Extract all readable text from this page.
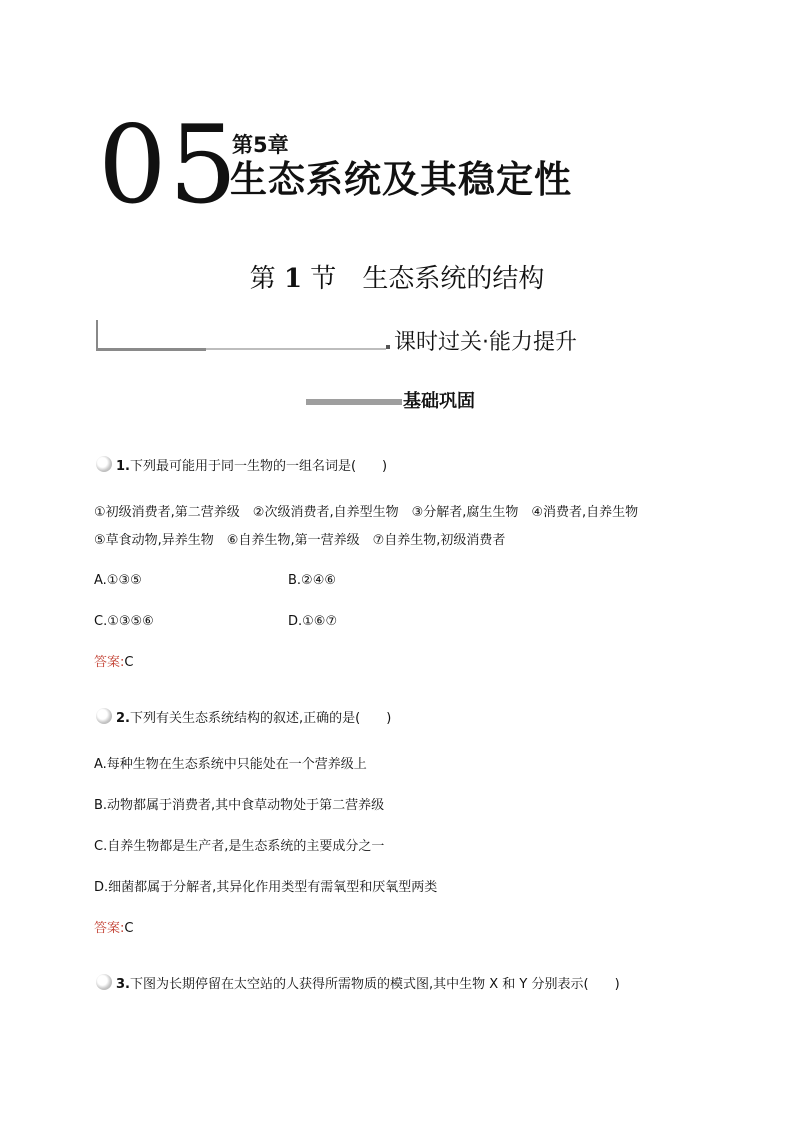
05
第5章
生态系统及其稳定性
第 1 节　 生态系统的结构
课时过关·能力提升
基础巩固
1.下列最可能用于同一生物的一组名词是(　　)
①初级消费者,第二营养级　②次级消费者,自养型生物　③分解者,腐生生物　④消费者,自养生物
⑤草食动物,异养生物　⑥自养生物,第一营养级　⑦自养生物,初级消费者
A.①③⑤	B.②④⑥
C.①③⑤⑥	D.①⑥⑦
答案:C
2.下列有关生态系统结构的叙述,正确的是(　　)
A.每种生物在生态系统中只能处在一个营养级上
B.动物都属于消费者,其中食草动物处于第二营养级
C.自养生物都是生产者,是生态系统的主要成分之一
D.细菌都属于分解者,其异化作用类型有需氧型和厌氧型两类
答案:C
3.下图为长期停留在太空站的人获得所需物质的模式图,其中生物 X 和 Y 分别表示(　　)
